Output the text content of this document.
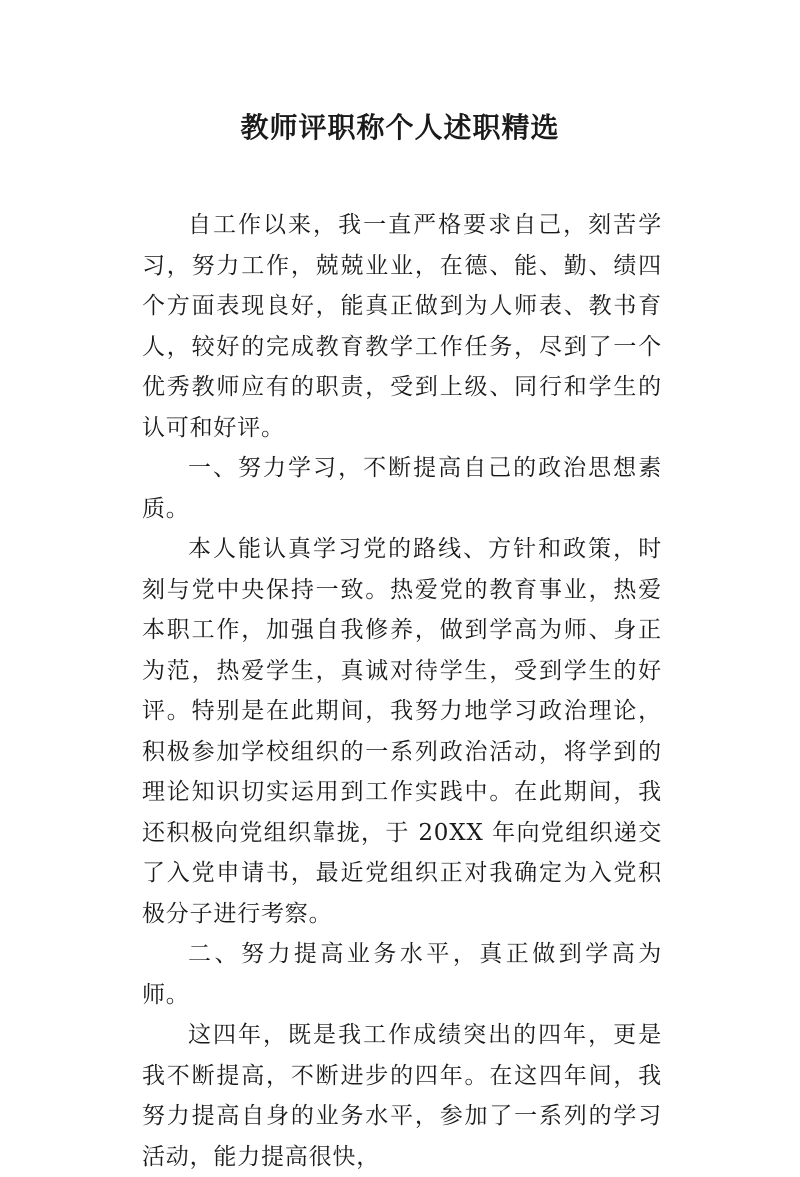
教师评职称个人述职精选

自工作以来，我一直严格要求自己，刻苦学习，努力工作，兢兢业业，在德、能、勤、绩四个方面表现良好，能真正做到为人师表、教书育人，较好的完成教育教学工作任务，尽到了一个优秀教师应有的职责，受到上级、同行和学生的认可和好评。

一、努力学习，不断提高自己的政治思想素质。

本人能认真学习党的路线、方针和政策，时刻与党中央保持一致。热爱党的教育事业，热爱本职工作，加强自我修养，做到学高为师、身正为范，热爱学生，真诚对待学生，受到学生的好评。特别是在此期间，我努力地学习政治理论，积极参加学校组织的一系列政治活动，将学到的理论知识切实运用到工作实践中。在此期间，我还积极向党组织靠拢，于 20XX 年向党组织递交了入党申请书，最近党组织正对我确定为入党积极分子进行考察。

二、努力提高业务水平，真正做到学高为师。

这四年，既是我工作成绩突出的四年，更是我不断提高，不断进步的四年。在这四年间，我努力提高自身的业务水平，参加了一系列的学习活动，能力提高很快，
